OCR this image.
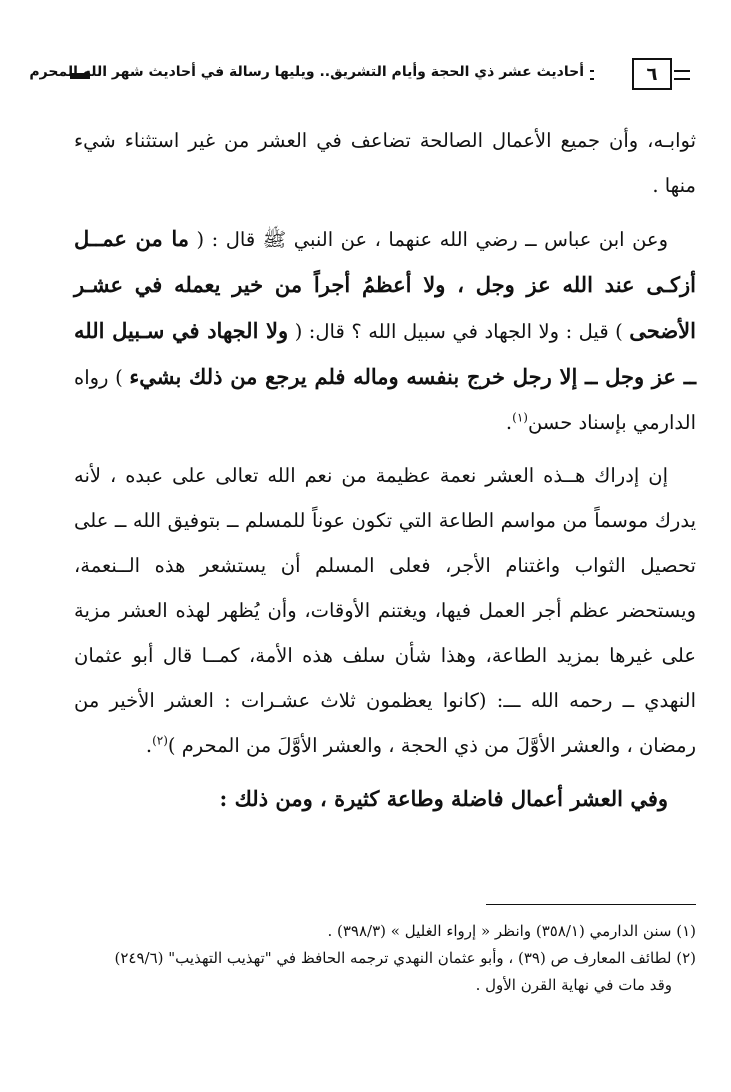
أحاديث عشر ذي الحجة وأيام التشريق.. ويليها رسالة في أحاديث شهر الله المحرم	٦

ثوابـه، وأن جميع الأعمال الصالحة تضاعف في العشر من غير استثناء شيء منها .

وعن ابن عباس ــ رضي الله عنهما ، عن النبي ﷺ قال : ( ما من عمــل أزكـى عند الله عز وجل ، ولا أعظمُ أجراً من خير يعمله في عشـر الأضحى ) قيل : ولا الجهاد في سبيل الله ؟ قال: ( ولا الجهاد في سـبيل الله ــ عز وجل ــ إلا رجل خرج بنفسه وماله فلم يرجع من ذلك بشيء ) رواه الدارمي بإسناد حسن$^{(١)}$.

إن إدراك هــذه العشر نعمة عظيمة من نعم الله تعالى على عبده ، لأنه يدرك موسماً من مواسم الطاعة التي تكون عوناً للمسلم ــ بتوفيق الله ــ على تحصيل الثواب واغتنام الأجر، فعلى المسلم أن يستشعر هذه الــنعمة، ويستحضر عظم أجر العمل فيها، ويغتنم الأوقات، وأن يُظهر لهذه العشر مزية على غيرها بمزيد الطاعة، وهذا شأن سلف هذه الأمة، كمــا قال أبو عثمان النهدي ــ رحمه الله ـــ: (كانوا يعظمون ثلاث عشـرات : العشر الأخير من رمضان ، والعشر الأوَّلَ من ذي الحجة ، والعشر الأوَّلَ من المحرم )$^{(٢)}$.

وفي العشر أعمال فاضلة وطاعة كثيرة ، ومن ذلك :

(١) سنن الدارمي (٣٥٨/١) وانظر « إرواء الغليل » (٣٩٨/٣) .

(٢) لطائف المعارف ص (٣٩) ، وأبو عثمان النهدي ترجمه الحافظ في "تهذيب التهذيب" (٢٤٩/٦)

وقد مات في نهاية القرن الأول .
